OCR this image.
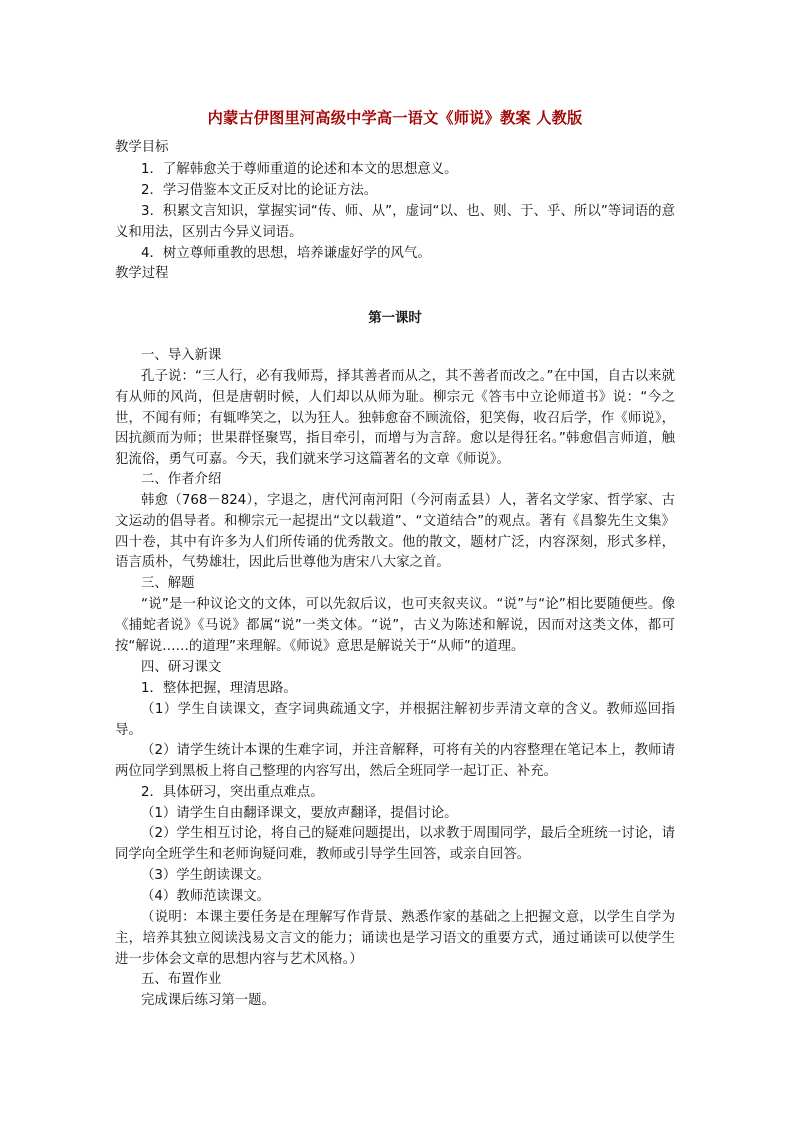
内蒙古伊图里河高级中学高一语文《师说》教案 人教版
教学目标
1．了解韩愈关于尊师重道的论述和本文的思想意义。
2．学习借鉴本文正反对比的论证方法。
3．积累文言知识，掌握实词“传、师、从”，虚词“以、也、则、于、乎、所以”等词语的意义和用法，区别古今异义词语。
4．树立尊师重教的思想，培养谦虚好学的风气。
教学过程
第一课时
一、导入新课
孔子说：“三人行，必有我师焉，择其善者而从之，其不善者而改之。”在中国，自古以来就有从师的风尚，但是唐朝时候，人们却以从师为耻。柳宗元《答韦中立论师道书》说：“今之世，不闻有师；有辄哗笑之，以为狂人。独韩愈奋不顾流俗，犯笑侮，收召后学，作《师说》，因抗颜而为师；世果群怪聚骂，指目牵引，而增与为言辞。愈以是得狂名。”韩愈倡言师道，触犯流俗，勇气可嘉。今天，我们就来学习这篇著名的文章《师说》。
二、作者介绍
韩愈（768－824），字退之，唐代河南河阳（今河南孟县）人，著名文学家、哲学家、古文运动的倡导者。和柳宗元一起提出“文以载道”、“文道结合”的观点。著有《昌黎先生文集》四十卷，其中有许多为人们所传诵的优秀散文。他的散文，题材广泛，内容深刻，形式多样，语言质朴，气势雄壮，因此后世尊他为唐宋八大家之首。
三、解题
“说”是一种议论文的文体，可以先叙后议，也可夹叙夹议。“说”与“论”相比要随便些。像《捕蛇者说》《马说》都属“说”一类文体。“说”，古义为陈述和解说，因而对这类文体，都可按“解说……的道理”来理解。《师说》意思是解说关于“从师”的道理。
四、研习课文
1．整体把握，理清思路。
（1）学生自读课文，查字词典疏通文字，并根据注解初步弄清文章的含义。教师巡回指导。
（2）请学生统计本课的生难字词，并注音解释，可将有关的内容整理在笔记本上，教师请两位同学到黑板上将自己整理的内容写出，然后全班同学一起订正、补充。
2．具体研习，突出重点难点。
（1）请学生自由翻译课文，要放声翻译，提倡讨论。
（2）学生相互讨论，将自己的疑难问题提出，以求教于周围同学，最后全班统一讨论，请同学向全班学生和老师询疑问难，教师或引导学生回答，或亲自回答。
（3）学生朗读课文。
（4）教师范读课文。
（说明：本课主要任务是在理解写作背景、熟悉作家的基础之上把握文意，以学生自学为主，培养其独立阅读浅易文言文的能力；诵读也是学习语文的重要方式，通过诵读可以使学生进一步体会文章的思想内容与艺术风格。）
五、布置作业
完成课后练习第一题。
